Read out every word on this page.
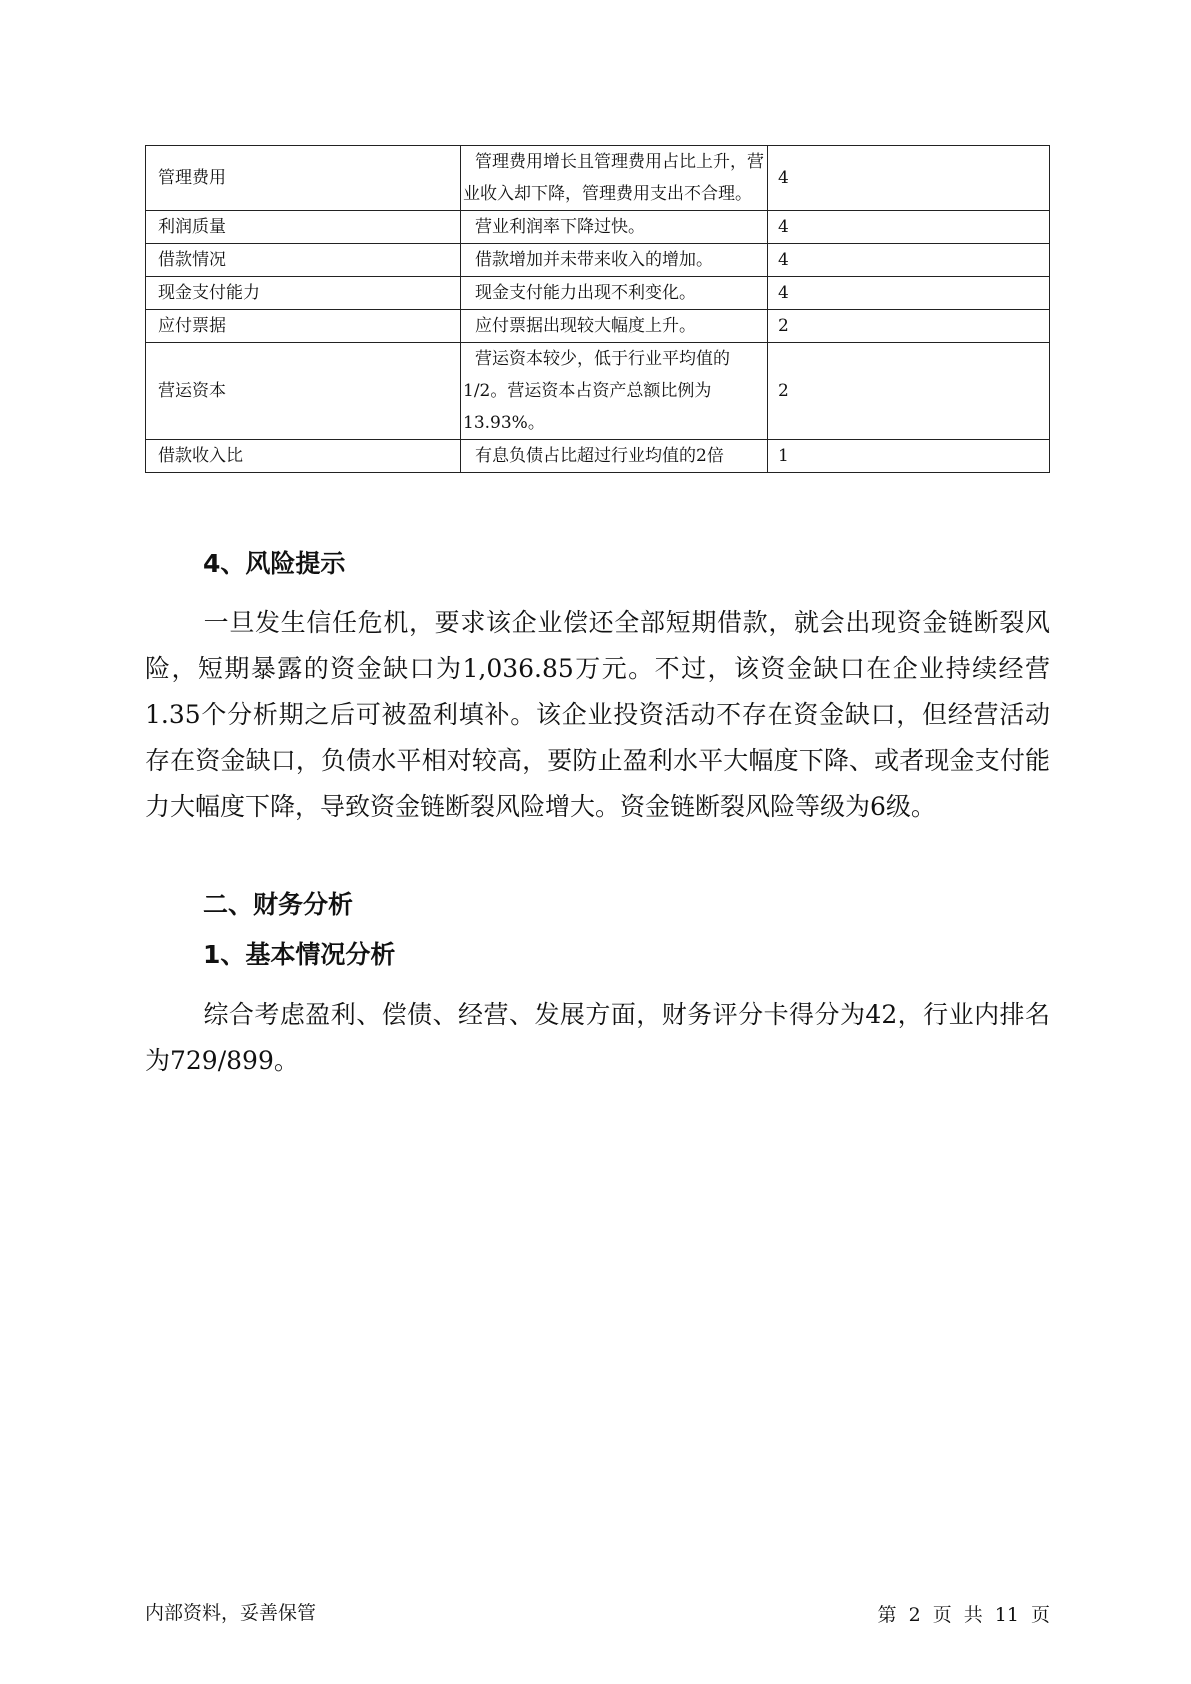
管理费用	管理费用增长且管理费用占比上升，营业收入却下降，管理费用支出不合理。	4
利润质量	营业利润率下降过快。	4
借款情况	借款增加并未带来收入的增加。	4
现金支付能力	现金支付能力出现不利变化。	4
应付票据	应付票据出现较大幅度上升。	2
营运资本	营运资本较少，低于行业平均值的1/2。营运资本占资产总额比例为13.93%。	2
借款收入比	有息负债占比超过行业均值的2倍	1
4、风险提示

一旦发生信任危机，要求该企业偿还全部短期借款，就会出现资金链断裂风险，短期暴露的资金缺口为1,036.85万元。不过，该资金缺口在企业持续经营 1.35个分析期之后可被盈利填补。该企业投资活动不存在资金缺口，但经营活动存在资金缺口，负债水平相对较高，要防止盈利水平大幅度下降、或者现金支付能力大幅度下降，导致资金链断裂风险增大。资金链断裂风险等级为6级。

二、财务分析
1、基本情况分析

综合考虑盈利、偿债、经营、发展方面，财务评分卡得分为42，行业内排名为729/899。

内部资料，妥善保管	第 2 页 共 11 页
